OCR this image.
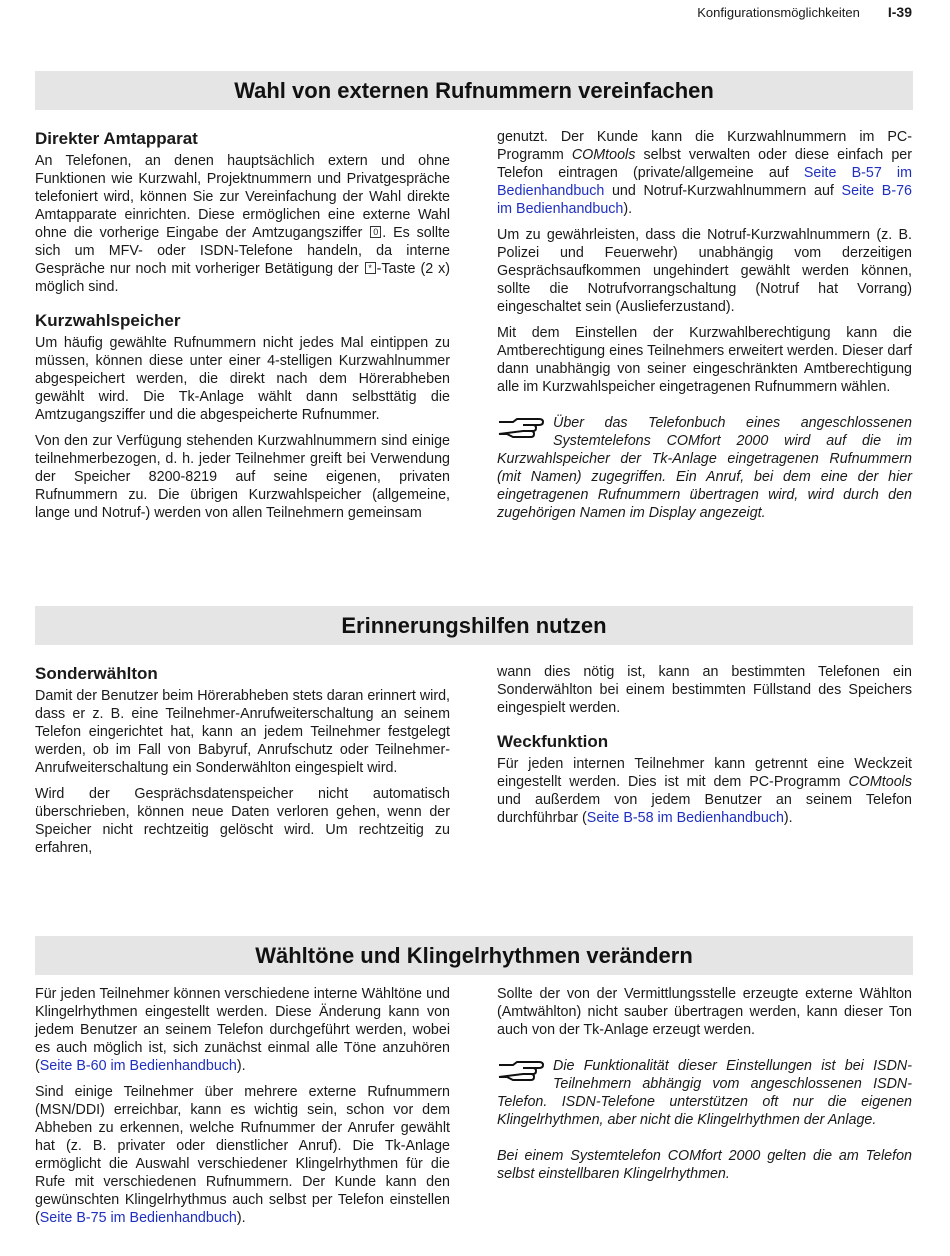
Konfigurationsmöglichkeiten I-39
Wahl von externen Rufnummern vereinfachen
Direkter Amtapparat

An Telefonen, an denen hauptsächlich extern und ohne Funktionen wie Kurzwahl, Projektnummern und Privatgespräche telefoniert wird, können Sie zur Vereinfachung der Wahl direkte Amtapparate einrichten. Diese ermöglichen eine externe Wahl ohne die vorherige Eingabe der Amtzugangsziffer 0 . Es sollte sich um MFV- oder ISDN-Telefone handeln, da interne Gespräche nur noch mit vorheriger Betätigung der * -Taste (2 x) möglich sind.

Kurzwahlspeicher

Um häufig gewählte Rufnummern nicht jedes Mal eintippen zu müssen, können diese unter einer 4-stelligen Kurzwahlnummer abgespeichert werden, die direkt nach dem Hörerabheben gewählt wird. Die Tk-Anlage wählt dann selbsttätig die Amtzugangsziffer und die abgespeicherte Rufnummer.

Von den zur Verfügung stehenden Kurzwahlnummern sind einige teilnehmerbezogen, d. h. jeder Teilnehmer greift bei Verwendung der Speicher 8200-8219 auf seine eigenen, privaten Rufnummern zu. Die übrigen Kurzwahlspeicher (allgemeine, lange und Notruf-) werden von allen Teilnehmern gemeinsam

genutzt. Der Kunde kann die Kurzwahlnummern im PC-Programm COMtools selbst verwalten oder diese einfach per Telefon eintragen (private/allgemeine auf Seite B-57 im Bedienhandbuch und Notruf-Kurzwahlnummern auf Seite B-76 im Bedienhandbuch).

Um zu gewährleisten, dass die Notruf-Kurzwahlnummern (z. B. Polizei und Feuerwehr) unabhängig vom derzeitigen Gesprächsaufkommen ungehindert gewählt werden können, sollte die Notrufvorrangschaltung (Notruf hat Vorrang) eingeschaltet sein (Auslieferzustand).

Mit dem Einstellen der Kurzwahlberechtigung kann die Amtberechtigung eines Teilnehmers erweitert werden. Dieser darf dann unabhängig von seiner eingeschränkten Amtberechtigung alle im Kurzwahlspeicher eingetragenen Rufnummern wählen.

Über das Telefonbuch eines angeschlossenen Systemtelefons COMfort 2000 wird auf die im Kurzwahlspeicher der Tk-Anlage eingetragenen Rufnummern (mit Namen) zugegriffen. Ein Anruf, bei dem eine der hier eingetragenen Rufnummern übertragen wird, wird durch den zugehörigen Namen im Display angezeigt.
Erinnerungshilfen nutzen
Sonderwählton

Damit der Benutzer beim Hörerabheben stets daran erinnert wird, dass er z. B. eine Teilnehmer-Anrufweiterschaltung an seinem Telefon eingerichtet hat, kann an jedem Teilnehmer festgelegt werden, ob im Fall von Babyruf, Anrufschutz oder Teilnehmer-Anrufweiterschaltung ein Sonderwählton eingespielt wird.

Wird der Gesprächsdatenspeicher nicht automatisch überschrieben, können neue Daten verloren gehen, wenn der Speicher nicht rechtzeitig gelöscht wird. Um rechtzeitig zu erfahren,

wann dies nötig ist, kann an bestimmten Telefonen ein Sonderwählton bei einem bestimmten Füllstand des Speichers eingespielt werden.

Weckfunktion

Für jeden internen Teilnehmer kann getrennt eine Weckzeit eingestellt werden. Dies ist mit dem PC-Programm COMtools und außerdem von jedem Benutzer an seinem Telefon durchführbar (Seite B-58 im Bedienhandbuch).

Wähltöne und Klingelrhythmen verändern

Für jeden Teilnehmer können verschiedene interne Wähltöne und Klingelrhythmen eingestellt werden. Diese Änderung kann von jedem Benutzer an seinem Telefon durchgeführt werden, wobei es auch möglich ist, sich zunächst einmal alle Töne anzuhören (Seite B-60 im Bedienhandbuch).

Sind einige Teilnehmer über mehrere externe Rufnummern (MSN/DDI) erreichbar, kann es wichtig sein, schon vor dem Abheben zu erkennen, welche Rufnummer der Anrufer gewählt hat (z. B. privater oder dienstlicher Anruf). Die Tk-Anlage ermöglicht die Auswahl verschiedener Klingelrhythmen für die Rufe mit verschiedenen Rufnummern. Der Kunde kann den gewünschten Klingelrhythmus auch selbst per Telefon einstellen (Seite B-75 im Bedienhandbuch).

Sollte der von der Vermittlungsstelle erzeugte externe Wählton (Amtwählton) nicht sauber übertragen werden, kann dieser Ton auch von der Tk-Anlage erzeugt werden.

Die Funktionalität dieser Einstellungen ist bei ISDN-Teilnehmern abhängig vom angeschlossenen ISDN-Telefon. ISDN-Telefone unterstützen oft nur die eigenen Klingelrhythmen, aber nicht die Klingelrhythmen der Anlage.

Bei einem Systemtelefon COMfort 2000 gelten die am Telefon selbst einstellbaren Klingelrhythmen.
